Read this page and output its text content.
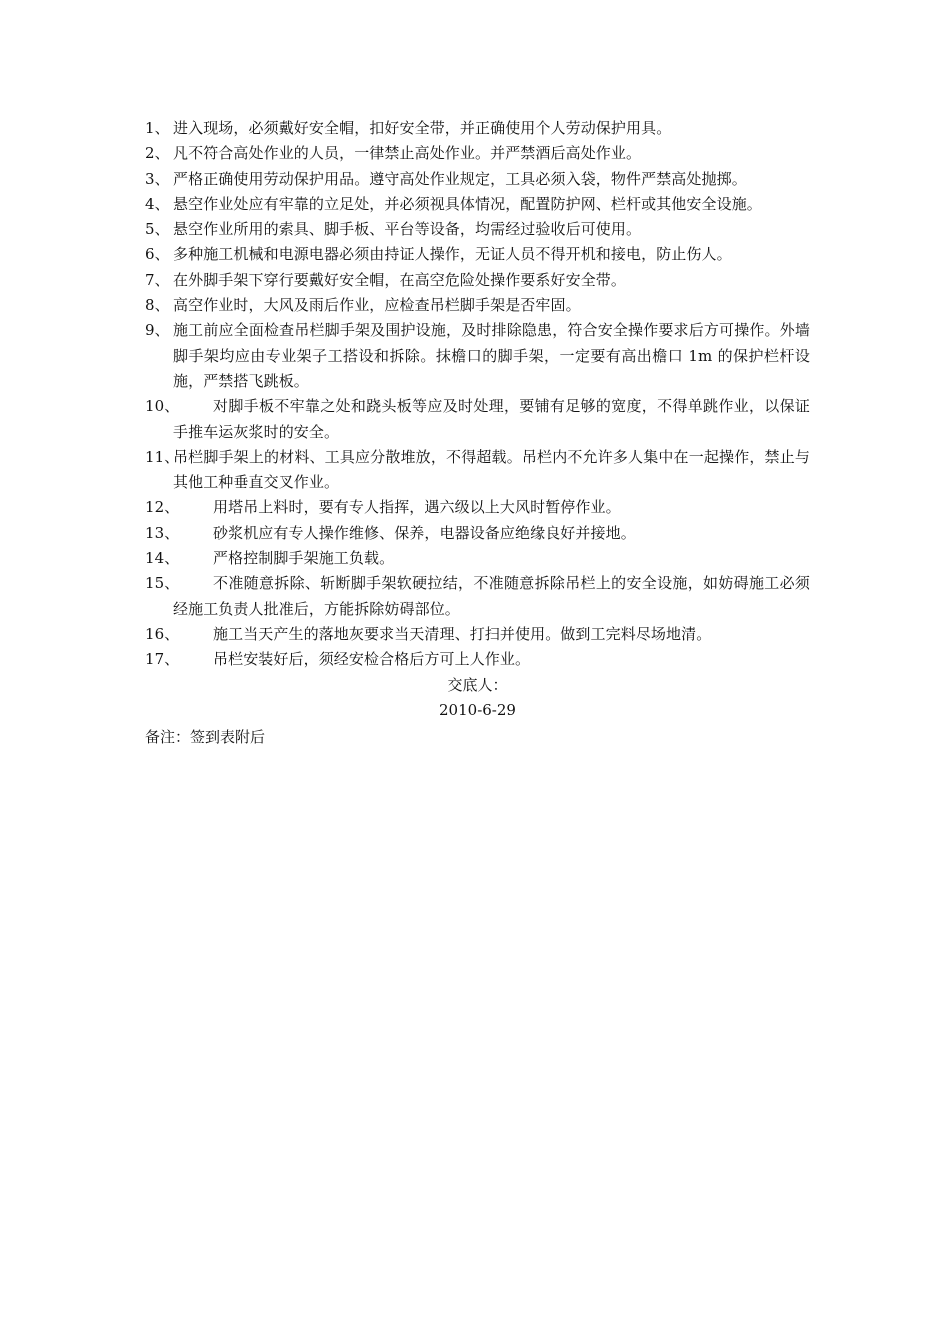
1、 进入现场，必须戴好安全帽，扣好安全带，并正确使用个人劳动保护用具。
2、 凡不符合高处作业的人员，一律禁止高处作业。并严禁酒后高处作业。
3、 严格正确使用劳动保护用品。遵守高处作业规定，工具必须入袋，物件严禁高处抛掷。
4、 悬空作业处应有牢靠的立足处，并必须视具体情况，配置防护网、栏杆或其他安全设施。
5、 悬空作业所用的索具、脚手板、平台等设备，均需经过验收后可使用。
6、 多种施工机械和电源电器必须由持证人操作，无证人员不得开机和接电，防止伤人。
7、 在外脚手架下穿行要戴好安全帽，在高空危险处操作要系好安全带。
8、 高空作业时，大风及雨后作业，应检查吊栏脚手架是否牢固。
9、 施工前应全面检查吊栏脚手架及围护设施，及时排除隐患，符合安全操作要求后方可操作。外墙脚手架均应由专业架子工搭设和拆除。抹檐口的脚手架，一定要有高出檐口 1m 的保护栏杆设施，严禁搭飞跳板。
10、	对脚手板不牢靠之处和跷头板等应及时处理，要铺有足够的宽度，不得单跳作业，以保证手推车运灰浆时的安全。
11、
吊栏脚手架上的材料、工具应分散堆放，不得超载。吊栏内不允许多人集中在一起操作，禁止与其他工种垂直交叉作业。
12、	用塔吊上料时，要有专人指挥，遇六级以上大风时暂停作业。
13、	砂浆机应有专人操作维修、保养，电器设备应绝缘良好并接地。
14、	严格控制脚手架施工负载。
15、	不准随意拆除、斩断脚手架软硬拉结，不准随意拆除吊栏上的安全设施，如妨碍施工必须经施工负责人批准后，方能拆除妨碍部位。
16、	施工当天产生的落地灰要求当天清理、打扫并使用。做到工完料尽场地清。
17、	吊栏安装好后，须经安检合格后方可上人作业。
交底人：
2010-6-29
备注：签到表附后
